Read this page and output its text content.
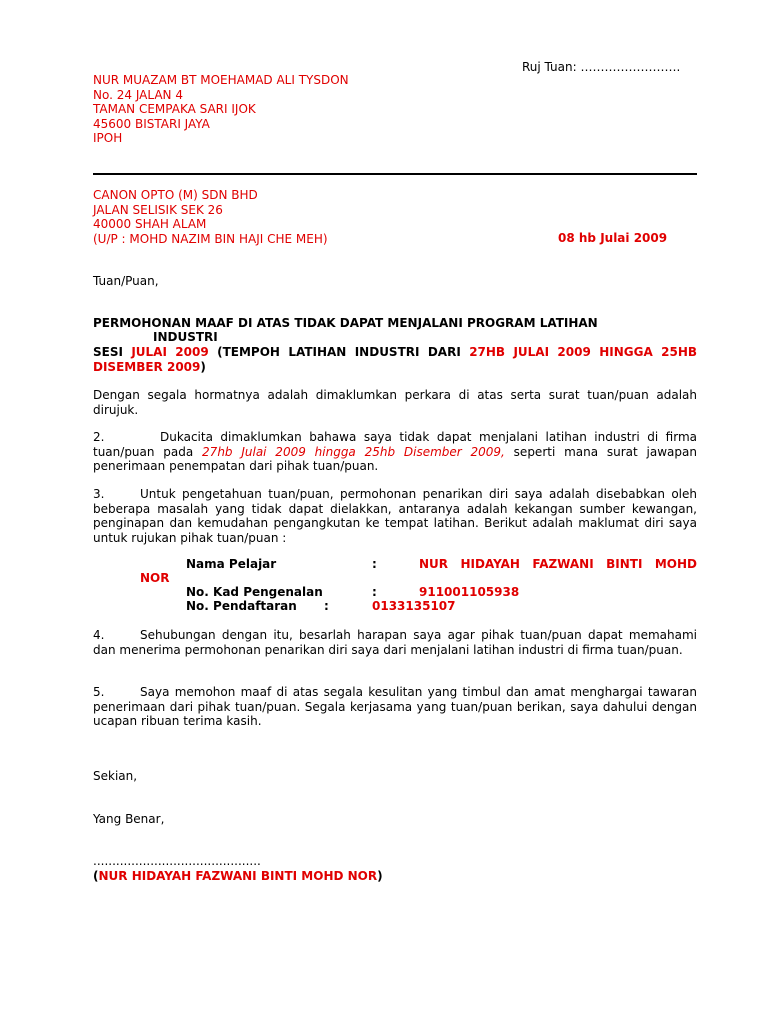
Ruj Tuan: …………………….
NUR MUAZAM BT MOEHAMAD ALI TYSDON
No. 24 JALAN 4
TAMAN CEMPAKA SARI IJOK
45600 BISTARI JAYA
IPOH
CANON OPTO (M) SDN BHD
JALAN SELISIK SEK 26
40000 SHAH ALAM
(U/P : MOHD NAZIM BIN HAJI CHE MEH)	08 hb Julai 2009
Tuan/Puan,
PERMOHONAN MAAF DI ATAS TIDAK DAPAT MENJALANI PROGRAM LATIHAN
INDUSTRI
SESI JULAI 2009 (TEMPOH LATIHAN INDUSTRI DARI 27HB JULAI 2009 HINGGA 25HB DISEMBER 2009)
Dengan segala hormatnya adalah dimaklumkan perkara di atas serta surat tuan/puan adalah dirujuk.
2.	Dukacita dimaklumkan bahawa saya tidak dapat menjalani latihan industri di firma tuan/puan pada 27hb Julai 2009 hingga 25hb Disember 2009, seperti mana surat jawapan penerimaan penempatan dari pihak tuan/puan.
3.	Untuk pengetahuan tuan/puan, permohonan penarikan diri saya adalah disebabkan oleh beberapa masalah yang tidak dapat dielakkan, antaranya adalah kekangan sumber kewangan, penginapan dan kemudahan pengangkutan ke tempat latihan. Berikut adalah maklumat diri saya untuk rujukan pihak tuan/puan :
Nama Pelajar	:	NUR HIDAYAH FAZWANI BINTI MOHD
NOR
No. Kad Pengenalan	:	911001105938
No. Pendaftaran :	0133135107
4.	Sehubungan dengan itu, besarlah harapan saya agar pihak tuan/puan dapat memahami dan menerima permohonan penarikan diri saya dari menjalani latihan industri di firma tuan/puan.
5.	Saya memohon maaf di atas segala kesulitan yang timbul dan amat menghargai tawaran penerimaan dari pihak tuan/puan. Segala kerjasama yang tuan/puan berikan, saya dahului dengan ucapan ribuan terima kasih.
Sekian,
Yang Benar,
............................................
(NUR HIDAYAH FAZWANI BINTI MOHD NOR)
